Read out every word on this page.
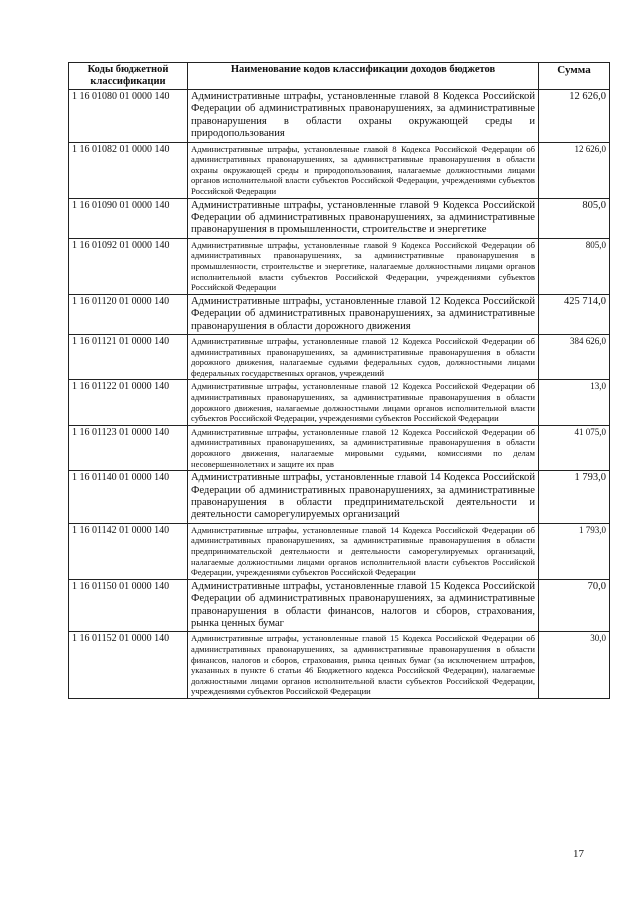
Коды бюджетной классификации	Наименование кодов классификации доходов бюджетов	Сумма
1 16 01080 01 0000 140	Административные штрафы, установленные главой 8 Кодекса Российской Федерации об административных правонарушениях, за административные правонарушения в области охраны окружающей среды и природопользования	12 626,0
1 16 01082 01 0000 140	Административные штрафы, установленные главой 8 Кодекса Российской Федерации об административных правонарушениях, за административные правонарушения в области охраны окружающей среды и природопользования, налагаемые должностными лицами органов исполнительной власти субъектов Российской Федерации, учреждениями субъектов Российской Федерации	12 626,0
1 16 01090 01 0000 140	Административные штрафы, установленные главой 9 Кодекса Российской Федерации об административных правонарушениях, за административные правонарушения в промышленности, строительстве и энергетике	805,0
1 16 01092 01 0000 140	Административные штрафы, установленные главой 9 Кодекса Российской Федерации об административных правонарушениях, за административные правонарушения в промышленности, строительстве и энергетике, налагаемые должностными лицами органов исполнительной власти субъектов Российской Федерации, учреждениями субъектов Российской Федерации	805,0
1 16 01120 01 0000 140	Административные штрафы, установленные главой 12 Кодекса Российской Федерации об административных правонарушениях, за административные правонарушения в области дорожного движения	425 714,0
1 16 01121 01 0000 140	Административные штрафы, установленные главой 12 Кодекса Российской Федерации об административных правонарушениях, за административные правонарушения в области дорожного движения, налагаемые судьями федеральных судов, должностными лицами федеральных государственных органов, учреждений	384 626,0
1 16 01122 01 0000 140	Административные штрафы, установленные главой 12 Кодекса Российской Федерации об административных правонарушениях, за административные правонарушения в области дорожного движения, налагаемые должностными лицами органов исполнительной власти субъектов Российской Федерации, учреждениями субъектов Российской Федерации	13,0
1 16 01123 01 0000 140	Административные штрафы, установленные главой 12 Кодекса Российской Федерации об административных правонарушениях, за административные правонарушения в области дорожного движения, налагаемые мировыми судьями, комиссиями по делам несовершеннолетних и защите их прав	41 075,0
1 16 01140 01 0000 140	Административные штрафы, установленные главой 14 Кодекса Российской Федерации об административных правонарушениях, за административные правонарушения в области предпринимательской деятельности и деятельности саморегулируемых организаций	1 793,0
1 16 01142 01 0000 140	Административные штрафы, установленные главой 14 Кодекса Российской Федерации об административных правонарушениях, за административные правонарушения в области предпринимательской деятельности и деятельности саморегулируемых организаций, налагаемые должностными лицами органов исполнительной власти субъектов Российской Федерации, учреждениями субъектов Российской Федерации	1 793,0
1 16 01150 01 0000 140	Административные штрафы, установленные главой 15 Кодекса Российской Федерации об административных правонарушениях, за административные правонарушения в области финансов, налогов и сборов, страхования, рынка ценных бумаг	70,0
1 16 01152 01 0000 140	Административные штрафы, установленные главой 15 Кодекса Российской Федерации об административных правонарушениях, за административные правонарушения в области финансов, налогов и сборов, страхования, рынка ценных бумаг (за исключением штрафов, указанных в пункте 6 статьи 46 Бюджетного кодекса Российской Федерации), налагаемые должностными лицами органов исполнительной власти субъектов Российской Федерации, учреждениями субъектов Российской Федерации	30,0
17
